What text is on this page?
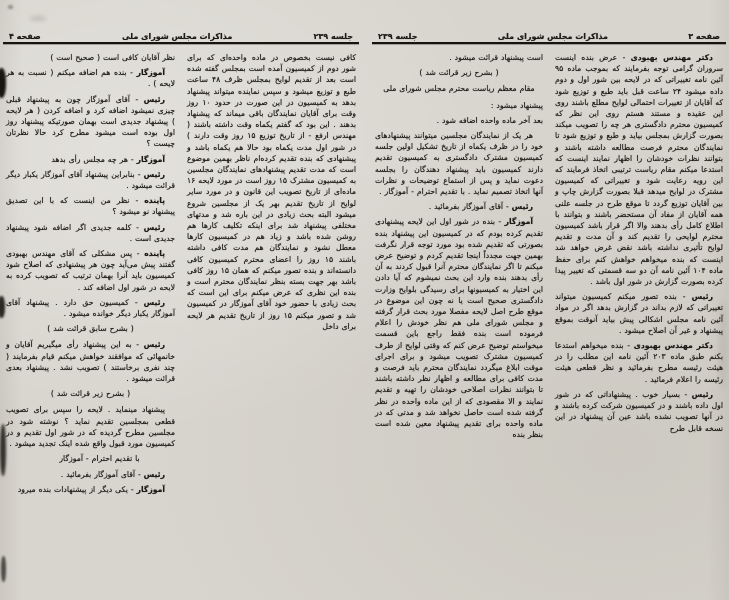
صفحه ۳
مذاکرات مجلس شورای ملی
جلسه ۲۳۹

دکتر مهندس بهبودی - عرض بنده اینست سروران گرامی توجه بفرمایند که بموجب ماده ۹۵ آئین نامه تغییراتی که در لایحه بین شور اول و دوم داده میشود ۲۴ ساعت قبل باید طبع و توزیع شود که آقایان از تغییرات احتمالی لوایح مطلع باشند روی این عقیده و مستند هستم روی این نظر که کمیسیون محترم دادگستری هر چه را تصویب میکند بصورت گزارش بمجلس بیاید و طبع و توزیع شود تا نمایندگان محترم فرصت مطالعه داشته باشند و بتوانند نظرات خودشان را اظهار نمایند اینست که استدعا میکنم مقام ریاست ترتیبی اتخاذ فرمایند که این رویه رعایت شود و تغییراتی که کمیسیون مشترک در لوایح میدهد قبلا بصورت گزارش چاپ و بین آقایان توزیع گردد تا موقع طرح در جلسه علنی همه آقایان از مفاد آن مستحضر باشند و بتوانند با اطلاع کامل رأی بدهند والا اگر قرار باشد کمیسیون محترم لوایحی را تقدیم کند و آن مدت و تقدیم لوایح تأثیری نداشته باشد نقض غرض خواهد شد اینست که بنده میخواهم خواهش کنم برای حفظ ماده ۱۰۴ آئین نامه آن دو سه قسمتی که تغییر پیدا کرده بصورت گزارش در شور اول باشد .

رئیس - بنده تصور میکنم کمیسیون میتواند تغییراتی که لازم بداند در گزارش بدهد اگر در مواد آئین نامه مجلس اشکالی پیش بیاید آنوقت بموقع پیشنهاد و غیر آن اصلاح میشود .

دکتر مهندس بهبودی - بنده میخواهم استدعا بکنم طبق ماده ۲۰۳ آئین نامه این مطلب را در هیئت رئیسه مطرح بفرمائید و نظر قطعی هیئت رئیسه را اعلام فرمائید .

رئیس - بسیار خوب . پیشنهاداتی که در شور اول داده باشند و در کمیسیون شرکت کرده باشند و در آنها تصویب نشده باشد عین آن پیشنهاد در این نسخه قابل طرح

است پیشنهاد قرائت میشود .

( بشرح زیر قرائت شد )

مقام معظم ریاست محترم مجلس شورای ملی

پیشنهاد میشود :

بعد آخر ماده واحده اضافه شود .

هر یک از نمایندگان مجلسین میتوانند پیشنهادهای خود را در ظرف یکماه از تاریخ تشکیل اولین جلسه کمیسیون مشترک دادگستری به کمیسیون تقدیم دارند کمیسیون باید پیشنهاد دهندگان را بجلسه دعوت نماید و پس از استماع توضیحات و نظرات آنها اتخاذ تصمیم نماید . با تقدیم احترام - آموزگار .

رئیس - آقای آموزگار بفرمائید .

آموزگار - بنده در شور اول این لایحه پیشنهادی تقدیم کرده بودم که در کمیسیون این پیشنهاد بنده بصورتی که تقدیم شده بود مورد توجه قرار نگرفت بهمین جهت مجدداً اینجا تقدیم کردم و توضیح عرض میکنم تا اگر نمایندگان محترم آنرا قبول کردند به آن رأی بدهند بنده وارد این بحث نمیشوم که آیا دادن این اختیار به کمیسیونها برای رسیدگی بلوایح وزارت دادگستری صحیح است یا نه چون این موضوع در موقع طرح اصل لایحه مفصلا مورد بحث قرار گرفته و مجلس شورای ملی هم نظر خودش را اعلام فرموده است بنده فقط راجع باین قسمت میخواستم توضیح عرض کنم که وقتی لوایح از طرف کمیسیون مشترک تصویب میشود و برای اجرای موقت ابلاغ میگردد نمایندگان محترم باید فرصت و مدت کافی برای مطالعه و اظهار نظر داشته باشند تا بتوانند نظرات اصلاحی خودشان را تهیه و تقدیم نمایند و الا مقصودی که از این ماده واحده در نظر گرفته شده است حاصل نخواهد شد و مدتی که در ماده واحده برای تقدیم پیشنهاد معین شده است بنظر بنده

جلسه ۲۳۹
مذاکرات مجلس شورای ملی
صفحه ۴

کافی نیست بخصوص در ماده واحده‌ای که برای شور دوم از کمیسیون آمده است بمجلس گفته شده است بعد از تقدیم لوایح بمجلس ظرف ۴۸ ساعت طبع و توزیع میشود و سپس نماینده میتواند پیشنهاد بدهد به کمیسیون در این صورت در حدود ۱۰ روز وقت برای آقایان نمایندگان باقی میماند که پیشنهاد بدهند . این بود که گفتم یکماه وقت داشته باشند ( مهندس ارفع - از تاریخ توزیع ۱۵ روز وقت دارند ) در شور اول مدت یکماه بود حالا هم یکماه باشد و پیشنهادی که بنده تقدیم کرده‌ام ناظر بهمین موضوع است که مدت تقدیم پیشنهادهای نمایندگان مجلسین به کمیسیون مشترک ۱۵ روز است در مورد لایحه ۱۶ ماده‌ای از تاریخ تصویب این قانون و در مورد سایر لوایح از تاریخ تقدیم بهر یک از مجلسین شروع میشود البته بحث زیادی در این باره شد و مدتهای مختلفی پیشنهاد شد برای اینکه تکلیف کارها هم روشن شده باشد و زیاد هم در کمیسیون کارها معطل نشود و نمایندگان هم مدت کافی داشته باشند ۱۵ روز را اعضای محترم کمیسیون کافی دانسته‌اند و بنده تصور میکنم که همان ۱۵ روز کافی باشد بهر جهت بسته بنظر نمایندگان محترم است و بنده این نظری که عرض میکنم برای این است که بحث زیادی با حضور خود آقای آموزگار در کمیسیون شد و تصور میکنم ۱۵ روز از تاریخ تقدیم هر لایحه برای داخل

نظر آقایان کافی است ( صحیح است )

آموزگار - بنده هم اضافه میکنم ( نسبت به هر لایحه ) .

رئیس - آقای آموزگار چون به پیشنهاد قبلی چیزی نمیشود اضافه کرد و اضافه کردن ( هر لایحه ) پیشنهاد جدیدی است بهمان صورتیکه پیشنهاد روز اول بوده است میشود مطرح کرد حالا نظرتان چیست ؟

آموزگار - هر چه مجلس رأی بدهد

رئیس - بنابراین پیشنهاد آقای آموزگار یکبار دیگر قرائت میشود .

پاینده - نظر من اینست که با این تصدیق پیشنهاد نو میشود ؟

رئیس - کلمه جدیدی اگر اضافه شود پیشنهاد جدیدی است .

پاینده - پس مشکلی که آقای مهندس بهبودی گفتند پیش می‌آید چون هر پیشنهادی که اصلاح شود کمیسیون باید آنرا بهمان ترتیب که تصویب کرده به لایحه در شور اول اضافه کند .

رئیس - کمیسیون حق دارد . پیشنهاد آقای آموزگار یکبار دیگر خوانده میشود .

( بشرح سابق قرائت شد )

رئیس - به این پیشنهاد رأی میگیریم آقایان و خانمهائی که موافقند خواهش میکنم قیام بفرمایند ( چند نفری برخاستند ) تصویب نشد . پیشنهاد بعدی قرائت میشود .

( بشرح زیر قرائت شد )

پیشنهاد مینماید . لایحه را سپس برای تصویب قطعی بمجلسین تقدیم نماید ؟ نوشته شود در مجلسین مطرح گردیده که در شور اول تقدیم و در کمیسیون مورد قبول واقع شده اینک تجدید میشود .

با تقدیم احترام - آموزگار

رئیس - آقای آموزگار بفرمائید .

آموزگار - یکی دیگر از پیشنهادات بنده میرود
